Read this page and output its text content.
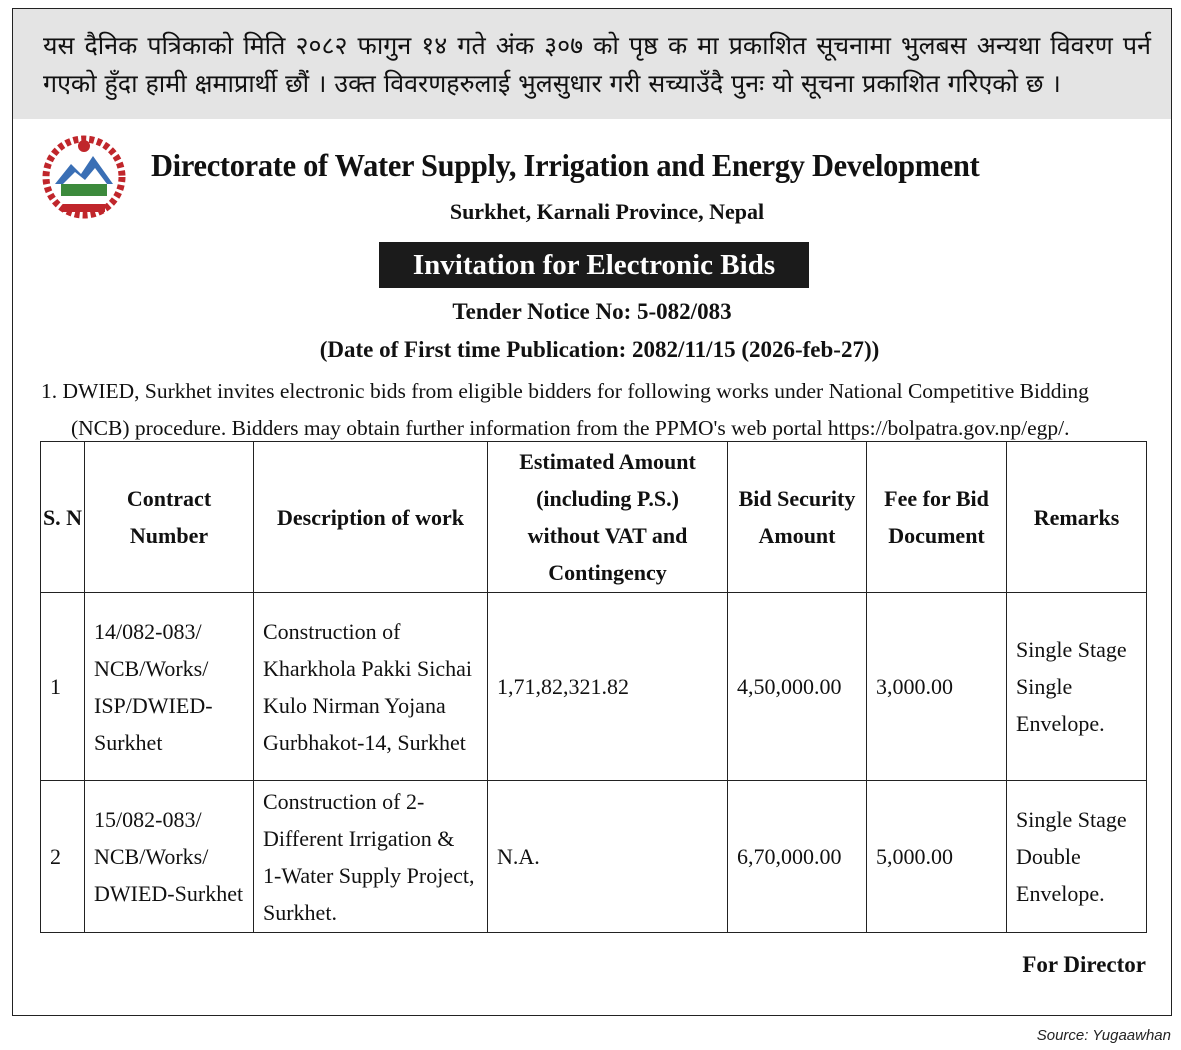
यस दैनिक पत्रिकाको मिति २०८२ फागुन १४ गते अंक ३०७ को पृष्ठ क मा प्रकाशित सूचनामा भुलबस अन्यथा विवरण पर्न गएको हुँदा हामी क्षमाप्रार्थी छौं । उक्त विवरणहरुलाई भुलसुधार गरी सच्याउँदै पुनः यो सूचना प्रकाशित गरिएको छ ।
Directorate of Water Supply, Irrigation and Energy Development
Surkhet, Karnali Province, Nepal
Invitation for Electronic Bids
Tender Notice No: 5-082/083
(Date of First time Publication: 2082/11/15 (2026-feb-27))
1. DWIED, Surkhet invites electronic bids from eligible bidders for following works under National Competitive Bidding
(NCB) procedure. Bidders may obtain further information from the PPMO's web portal https://bolpatra.gov.np/egp/.
S. N	Contract Number	Description of work	Estimated Amount (including P.S.) without VAT and Contingency	Bid Security Amount	Fee for Bid Document	Remarks
1	14/082-083/ NCB/Works/ ISP/DWIED-Surkhet	Construction of Kharkhola Pakki Sichai Kulo Nirman Yojana Gurbhakot-14, Surkhet	1,71,82,321.82	4,50,000.00	3,000.00	Single Stage Single Envelope.
2	15/082-083/ NCB/Works/ DWIED-Surkhet	Construction of 2-Different Irrigation & 1-Water Supply Project, Surkhet.	N.A.	6,70,000.00	5,000.00	Single Stage Double Envelope.
For Director
Source: Yugaawhan
